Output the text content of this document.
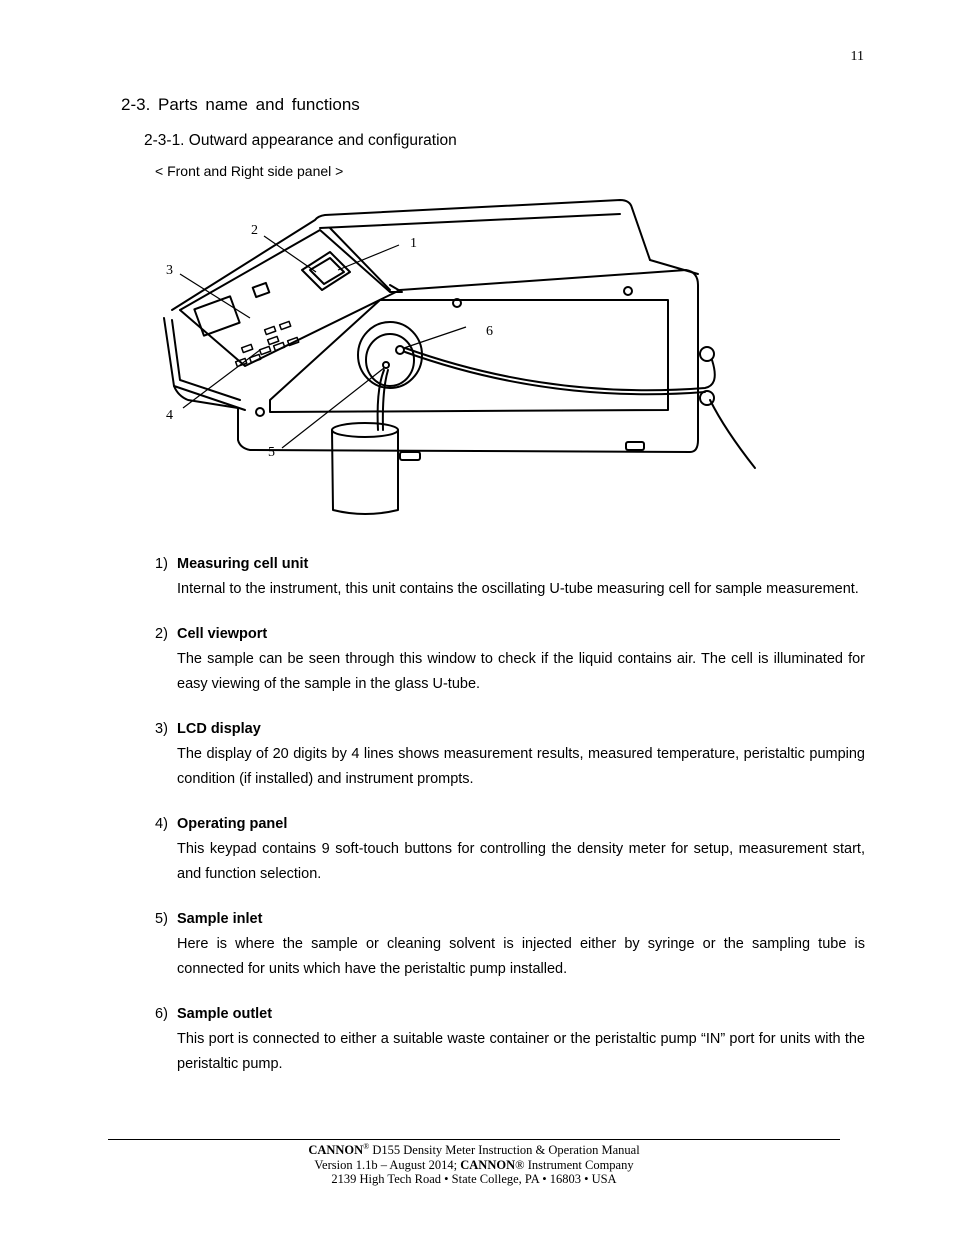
11
2-3. Parts name and functions
2-3-1. Outward appearance and configuration
< Front and Right side panel >
1
2
3
4
5
6
1) Measuring cell unit

Internal to the instrument, this unit contains the oscillating U-tube measuring cell for sample measurement.

2) Cell viewport

The sample can be seen through this window to check if the liquid contains air. The cell is illuminated for easy viewing of the sample in the glass U-tube.

3) LCD display

The display of 20 digits by 4 lines shows measurement results, measured temperature, peristaltic pumping condition (if installed) and instrument prompts.

4) Operating panel

This keypad contains 9 soft-touch buttons for controlling the density meter for setup, measurement start, and function selection.

5) Sample inlet

Here is where the sample or cleaning solvent is injected either by syringe or the sampling tube is connected for units which have the peristaltic pump installed.

6) Sample outlet

This port is connected to either a suitable waste container or the peristaltic pump “IN” port for units with the peristaltic pump.

CANNON® D155 Density Meter Instruction & Operation Manual
Version 1.1b – August 2014; CANNON® Instrument Company
2139 High Tech Road • State College, PA • 16803 • USA
